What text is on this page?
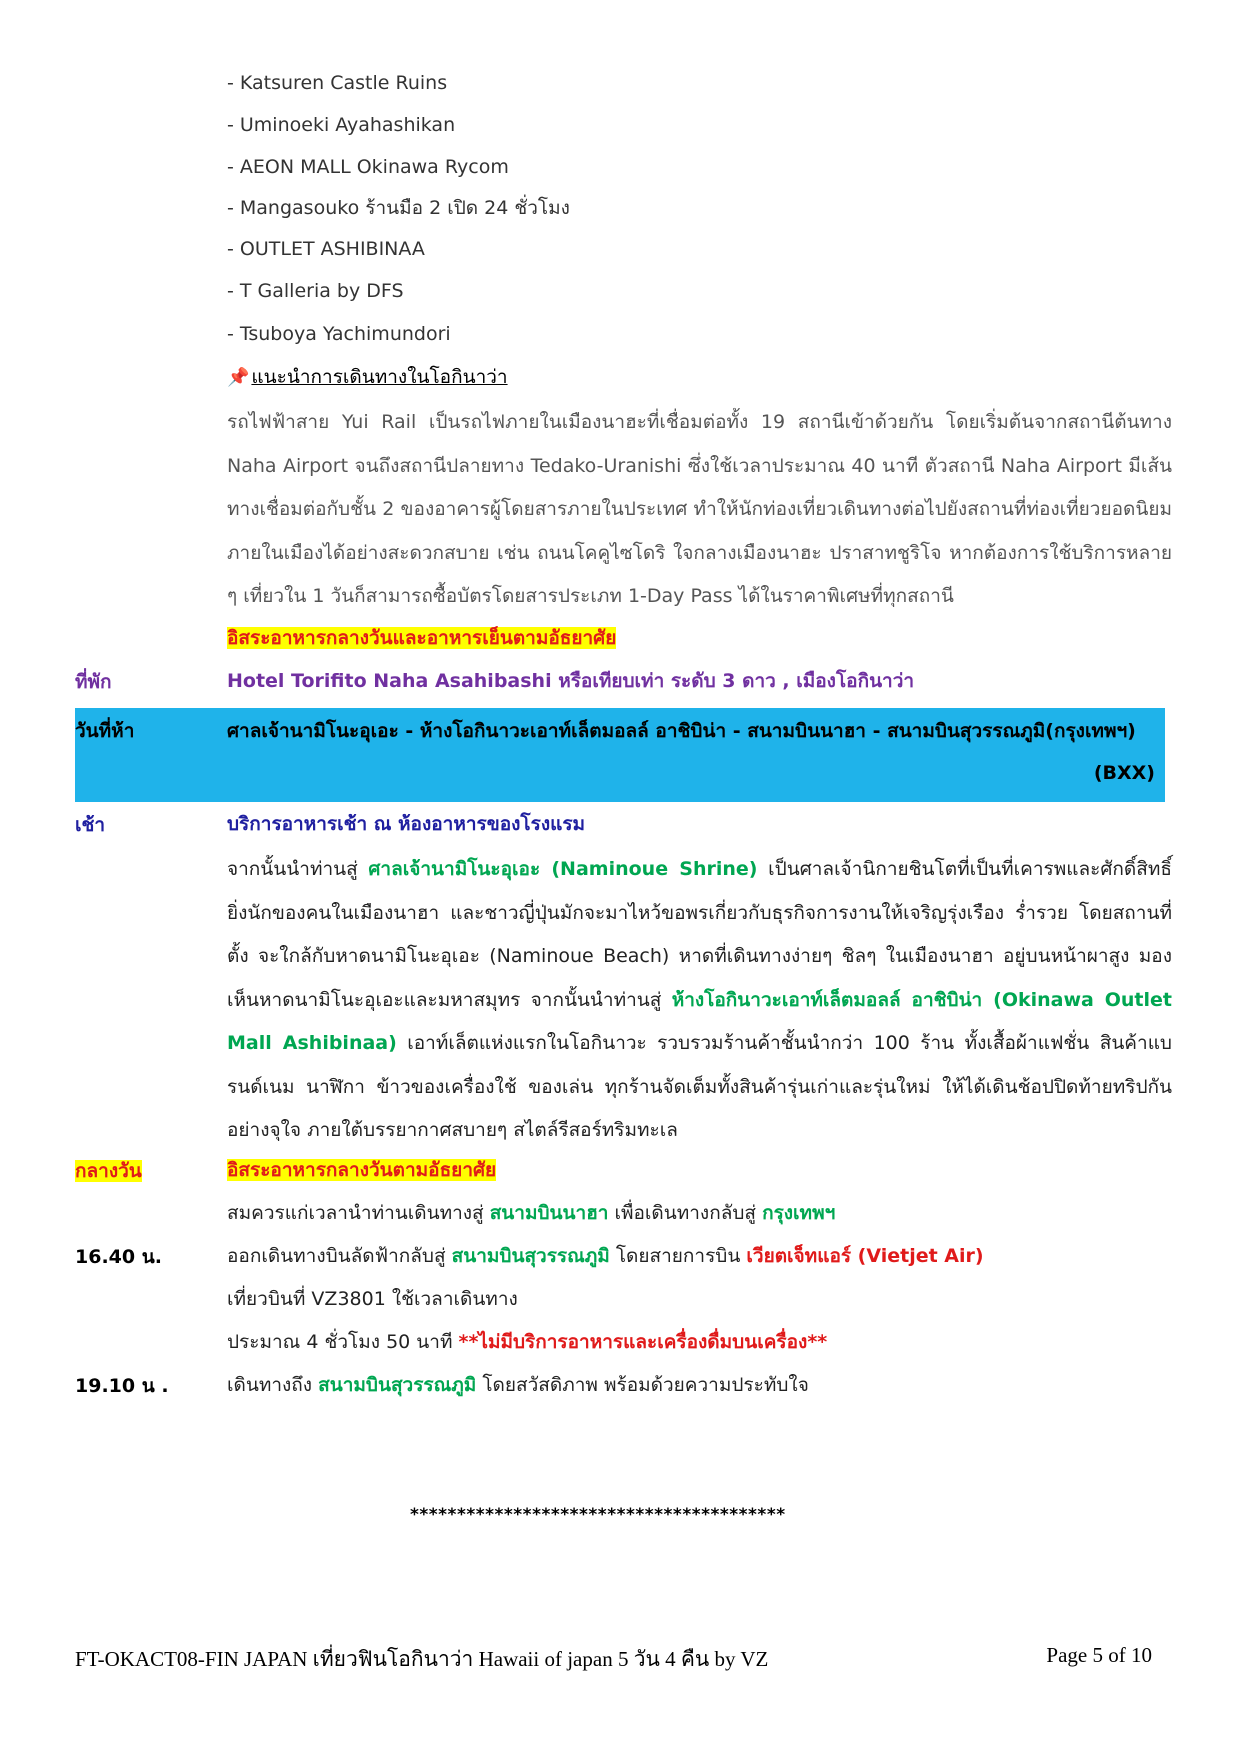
- Katsuren Castle Ruins
- Uminoeki Ayahashikan
- AEON MALL Okinawa Rycom
- Mangasouko ร้านมือ 2 เปิด 24 ชั่วโมง
- OUTLET ASHIBINAA
- T Galleria by DFS
- Tsuboya Yachimundori
📌 แนะนำการเดินทางในโอกินาว่า
รถไฟฟ้าสาย Yui Rail เป็นรถไฟภายในเมืองนาฮะที่เชื่อมต่อทั้ง 19 สถานีเข้าด้วยกัน โดยเริ่มต้นจากสถานีต้นทาง Naha Airport จนถึงสถานีปลายทาง Tedako-Uranishi ซึ่งใช้เวลาประมาณ 40 นาที ตัวสถานี Naha Airport มีเส้นทางเชื่อมต่อกับชั้น 2 ของอาคารผู้โดยสารภายในประเทศ ทำให้นักท่องเที่ยวเดินทางต่อไปยังสถานที่ท่องเที่ยวยอดนิยมภายในเมืองได้อย่างสะดวกสบาย เช่น ถนนโคคูไซโดริ ใจกลางเมืองนาฮะ ปราสาทชูริโจ หากต้องการใช้บริการหลาย ๆ เที่ยวใน 1 วันก็สามารถซื้อบัตรโดยสารประเภท 1-Day Pass ได้ในราคาพิเศษที่ทุกสถานี
อิสระอาหารกลางวันและอาหารเย็นตามอัธยาศัย
ที่พัก	Hotel Torifito Naha Asahibashi หรือเทียบเท่า ระดับ 3 ดาว , เมืองโอกินาว่า
วันที่ห้า	ศาลเจ้านามิโนะอุเอะ - ห้างโอกินาวะเอาท์เล็ตมอลล์ อาชิบิน่า - สนามบินนาฮา - สนามบินสุวรรณภูมิ(กรุงเทพฯ)
(BXX)
เช้า	บริการอาหารเช้า ณ ห้องอาหารของโรงแรม
จากนั้นนำท่านสู่ ศาลเจ้านามิโนะอุเอะ (Naminoue Shrine) เป็นศาลเจ้านิกายชินโตที่เป็นที่เคารพและศักดิ์สิทธิ์ยิ่งนักของคนในเมืองนาฮา และชาวญี่ปุ่นมักจะมาไหว้ขอพรเกี่ยวกับธุรกิจการงานให้เจริญรุ่งเรือง ร่ำรวย โดยสถานที่ตั้ง จะใกล้กับหาดนามิโนะอุเอะ (Naminoue Beach) หาดที่เดินทางง่ายๆ ชิลๆ ในเมืองนาฮา อยู่บนหน้าผาสูง มองเห็นหาดนามิโนะอุเอะและมหาสมุทร จากนั้นนำท่านสู่ ห้างโอกินาวะเอาท์เล็ตมอลล์ อาชิบิน่า (Okinawa Outlet Mall Ashibinaa) เอาท์เล็ตแห่งแรกในโอกินาวะ รวบรวมร้านค้าชั้นนำกว่า 100 ร้าน ทั้งเสื้อผ้าแฟชั่น สินค้าแบรนด์เนม นาฬิกา ข้าวของเครื่องใช้ ของเล่น ทุกร้านจัดเต็มทั้งสินค้ารุ่นเก่าและรุ่นใหม่ ให้ได้เดินช้อปปิดท้ายทริปกันอย่างจุใจ ภายใต้บรรยากาศสบายๆ สไตล์รีสอร์ทริมทะเล
กลางวัน	อิสระอาหารกลางวันตามอัธยาศัย
สมควรแก่เวลานำท่านเดินทางสู่ สนามบินนาฮา เพื่อเดินทางกลับสู่ กรุงเทพฯ
16.40 น.	ออกเดินทางบินลัดฟ้ากลับสู่ สนามบินสุวรรณภูมิ โดยสายการบิน เวียตเจ็ทแอร์ (Vietjet Air)
เที่ยวบินที่ VZ3801 ใช้เวลาเดินทาง
ประมาณ 4 ชั่วโมง 50 นาที **ไม่มีบริการอาหารและเครื่องดื่มบนเครื่อง**
19.10 น .	เดินทางถึง สนามบินสุวรรณภูมิ โดยสวัสดิภาพ พร้อมด้วยความประทับใจ
****************************************
FT-OKACT08-FIN JAPAN เที่ยวฟินโอกินาว่า Hawaii of japan 5 วัน 4 คืน by VZ	Page 5 of 10
